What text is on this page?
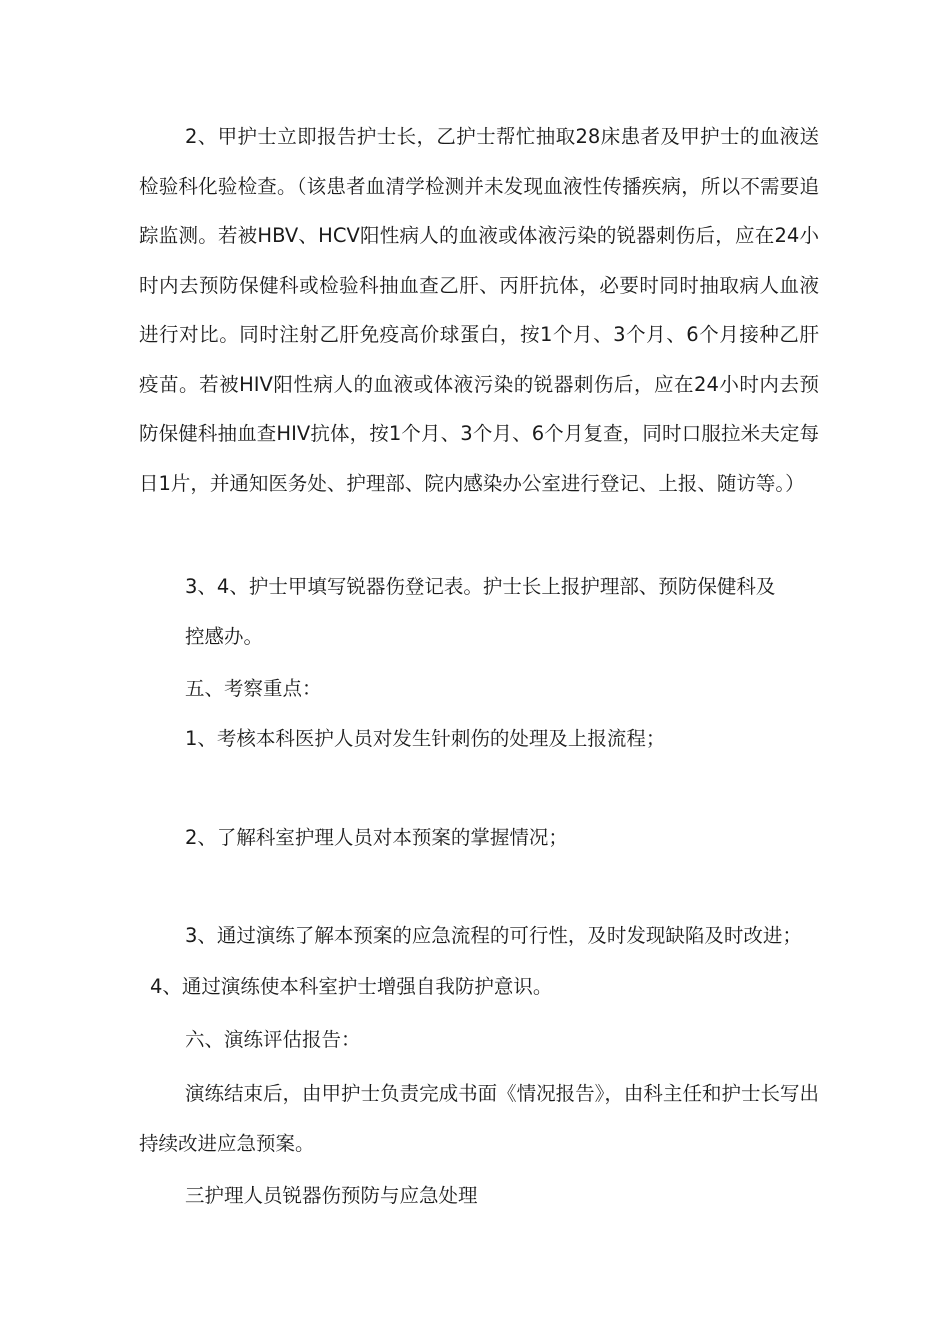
2、甲护士立即报告护士长，乙护士帮忙抽取28床患者及甲护士的血液送检验科化验检查。（该患者血清学检测并未发现血液性传播疾病，所以不需要追踪监测。若被HBV、HCV阳性病人的血液或体液污染的锐器刺伤后，应在24小时内去预防保健科或检验科抽血查乙肝、丙肝抗体，必要时同时抽取病人血液进行对比。同时注射乙肝免疫高价球蛋白，按1个月、3个月、6个月接种乙肝疫苗。若被HIV阳性病人的血液或体液污染的锐器刺伤后，应在24小时内去预防保健科抽血查HIV抗体，按1个月、3个月、6个月复查，同时口服拉米夫定每日1片，并通知医务处、护理部、院内感染办公室进行登记、上报、随访等。）

3、4、护士甲填写锐器伤登记表。护士长上报护理部、预防保健科及
控感办。

五、考察重点：

1、考核本科医护人员对发生针刺伤的处理及上报流程；

2、了解科室护理人员对本预案的掌握情况；

3、通过演练了解本预案的应急流程的可行性，及时发现缺陷及时改进；

4、通过演练使本科室护士增强自我防护意识。

六、演练评估报告：

演练结束后，由甲护士负责完成书面《情况报告》，由科主任和护士长写出持续改进应急预案。

三护理人员锐器伤预防与应急处理
